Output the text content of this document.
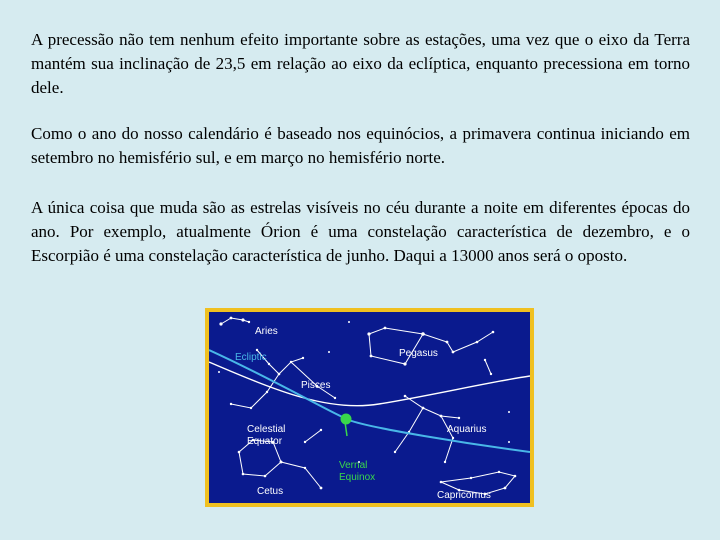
A precessão não tem nenhum efeito importante sobre as estações, uma vez que o eixo da Terra mantém sua inclinação de 23,5 em relação ao eixo da eclíptica, enquanto precessiona em torno dele.

Como o ano do nosso calendário é baseado nos equinócios, a primavera continua iniciando em setembro no hemisfério sul, e em março no hemisfério norte.

A única coisa que muda são as estrelas visíveis no céu durante a noite em diferentes épocas do ano. Por exemplo, atualmente Órion é uma constelação característica de dezembro, e o Escorpião é uma constelação característica de junho. Daqui a 13000 anos será o oposto.

Aries
Ecliptic	Pegasus
Pisces
Celestial
Equator
Aquarius
Vernal
Equinox
Cetus	Capricornus
